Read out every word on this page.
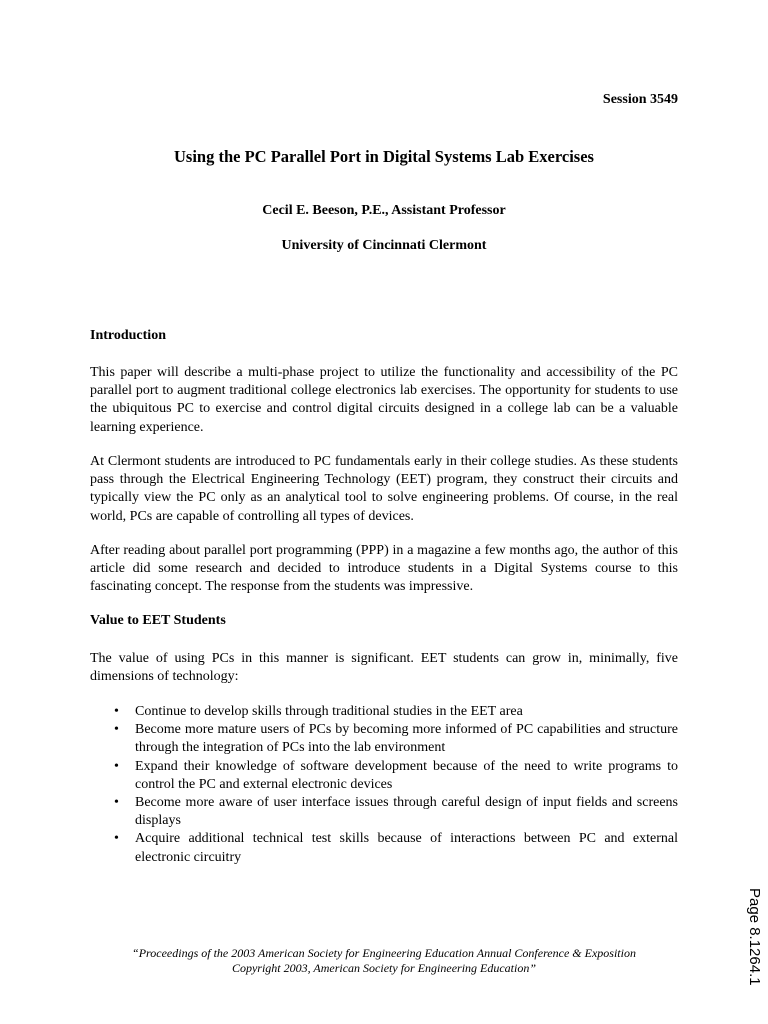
Session 3549
Using the PC Parallel Port in Digital Systems Lab Exercises
Cecil E. Beeson, P.E., Assistant Professor
University of Cincinnati Clermont
Introduction

This paper will describe a multi-phase project to utilize the functionality and accessibility of the PC parallel port to augment traditional college electronics lab exercises. The opportunity for students to use the ubiquitous PC to exercise and control digital circuits designed in a college lab can be a valuable learning experience.

At Clermont students are introduced to PC fundamentals early in their college studies. As these students pass through the Electrical Engineering Technology (EET) program, they construct their circuits and typically view the PC only as an analytical tool to solve engineering problems. Of course, in the real world, PCs are capable of controlling all types of devices.

After reading about parallel port programming (PPP) in a magazine a few months ago, the author of this article did some research and decided to introduce students in a Digital Systems course to this fascinating concept. The response from the students was impressive.

Value to EET Students

The value of using PCs in this manner is significant. EET students can grow in, minimally, five dimensions of technology:

• Continue to develop skills through traditional studies in the EET area
• Become more mature users of PCs by becoming more informed of PC capabilities and structure through the integration of PCs into the lab environment
• Expand their knowledge of software development because of the need to write programs to control the PC and external electronic devices
• Become more aware of user interface issues through careful design of input fields and screens displays
• Acquire additional technical test skills because of interactions between PC and external electronic circuitry
“Proceedings of the 2003 American Society for Engineering Education Annual Conference & Exposition
Copyright 2003, American Society for Engineering Education”	Page 8.1264.1
